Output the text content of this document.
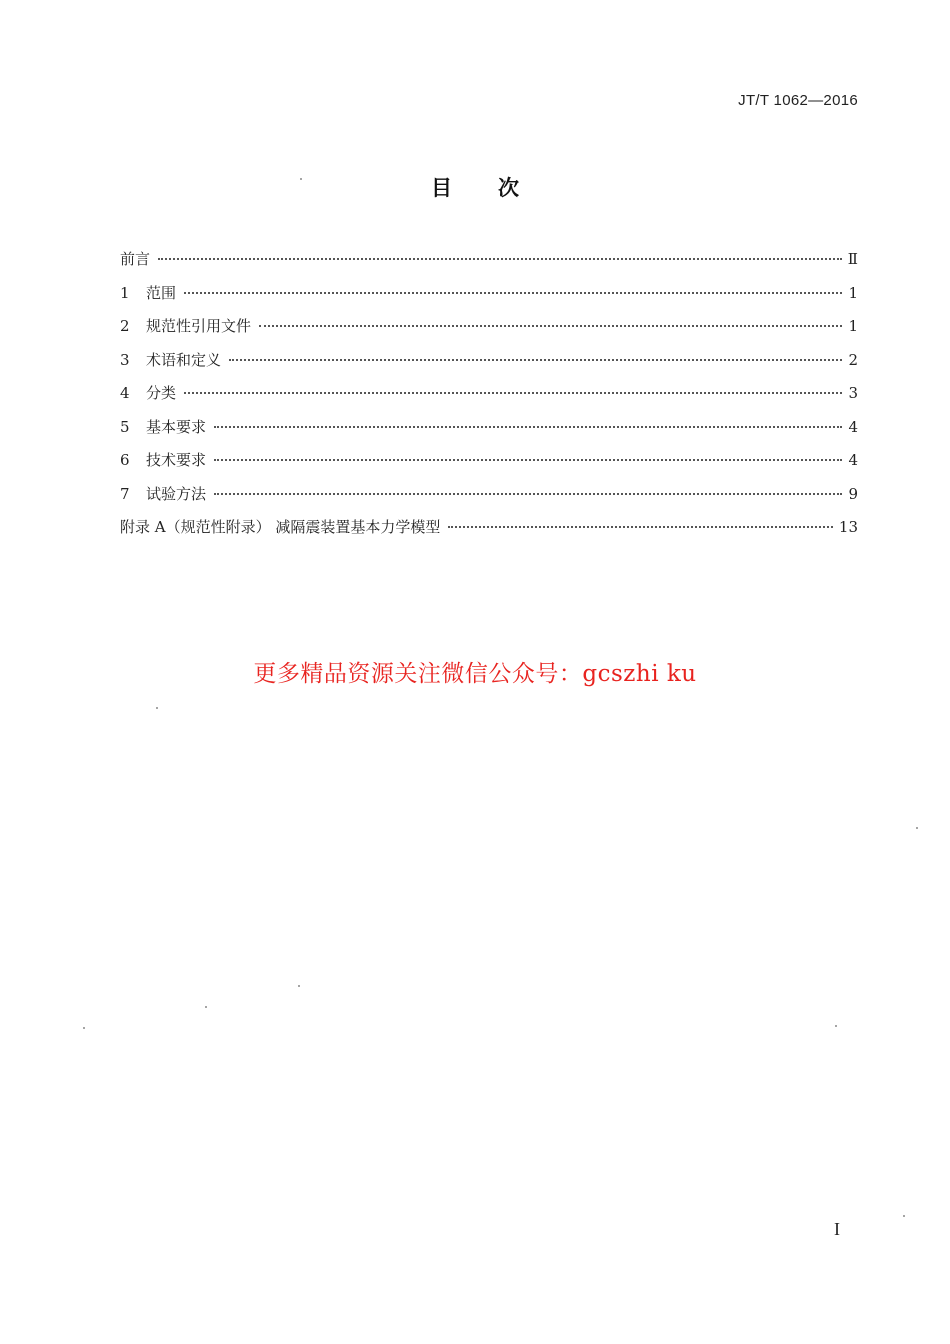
JT/T 1062—2016
目 次
前言	Ⅱ
1	范围	1
2	规范性引用文件	1
3	术语和定义	2
4	分类	3
5	基本要求	4
6	技术要求	4
7	试验方法	9
附录 A（规范性附录） 减隔震装置基本力学模型	13
更多精品资源关注微信公众号：gcszhi ku
I
